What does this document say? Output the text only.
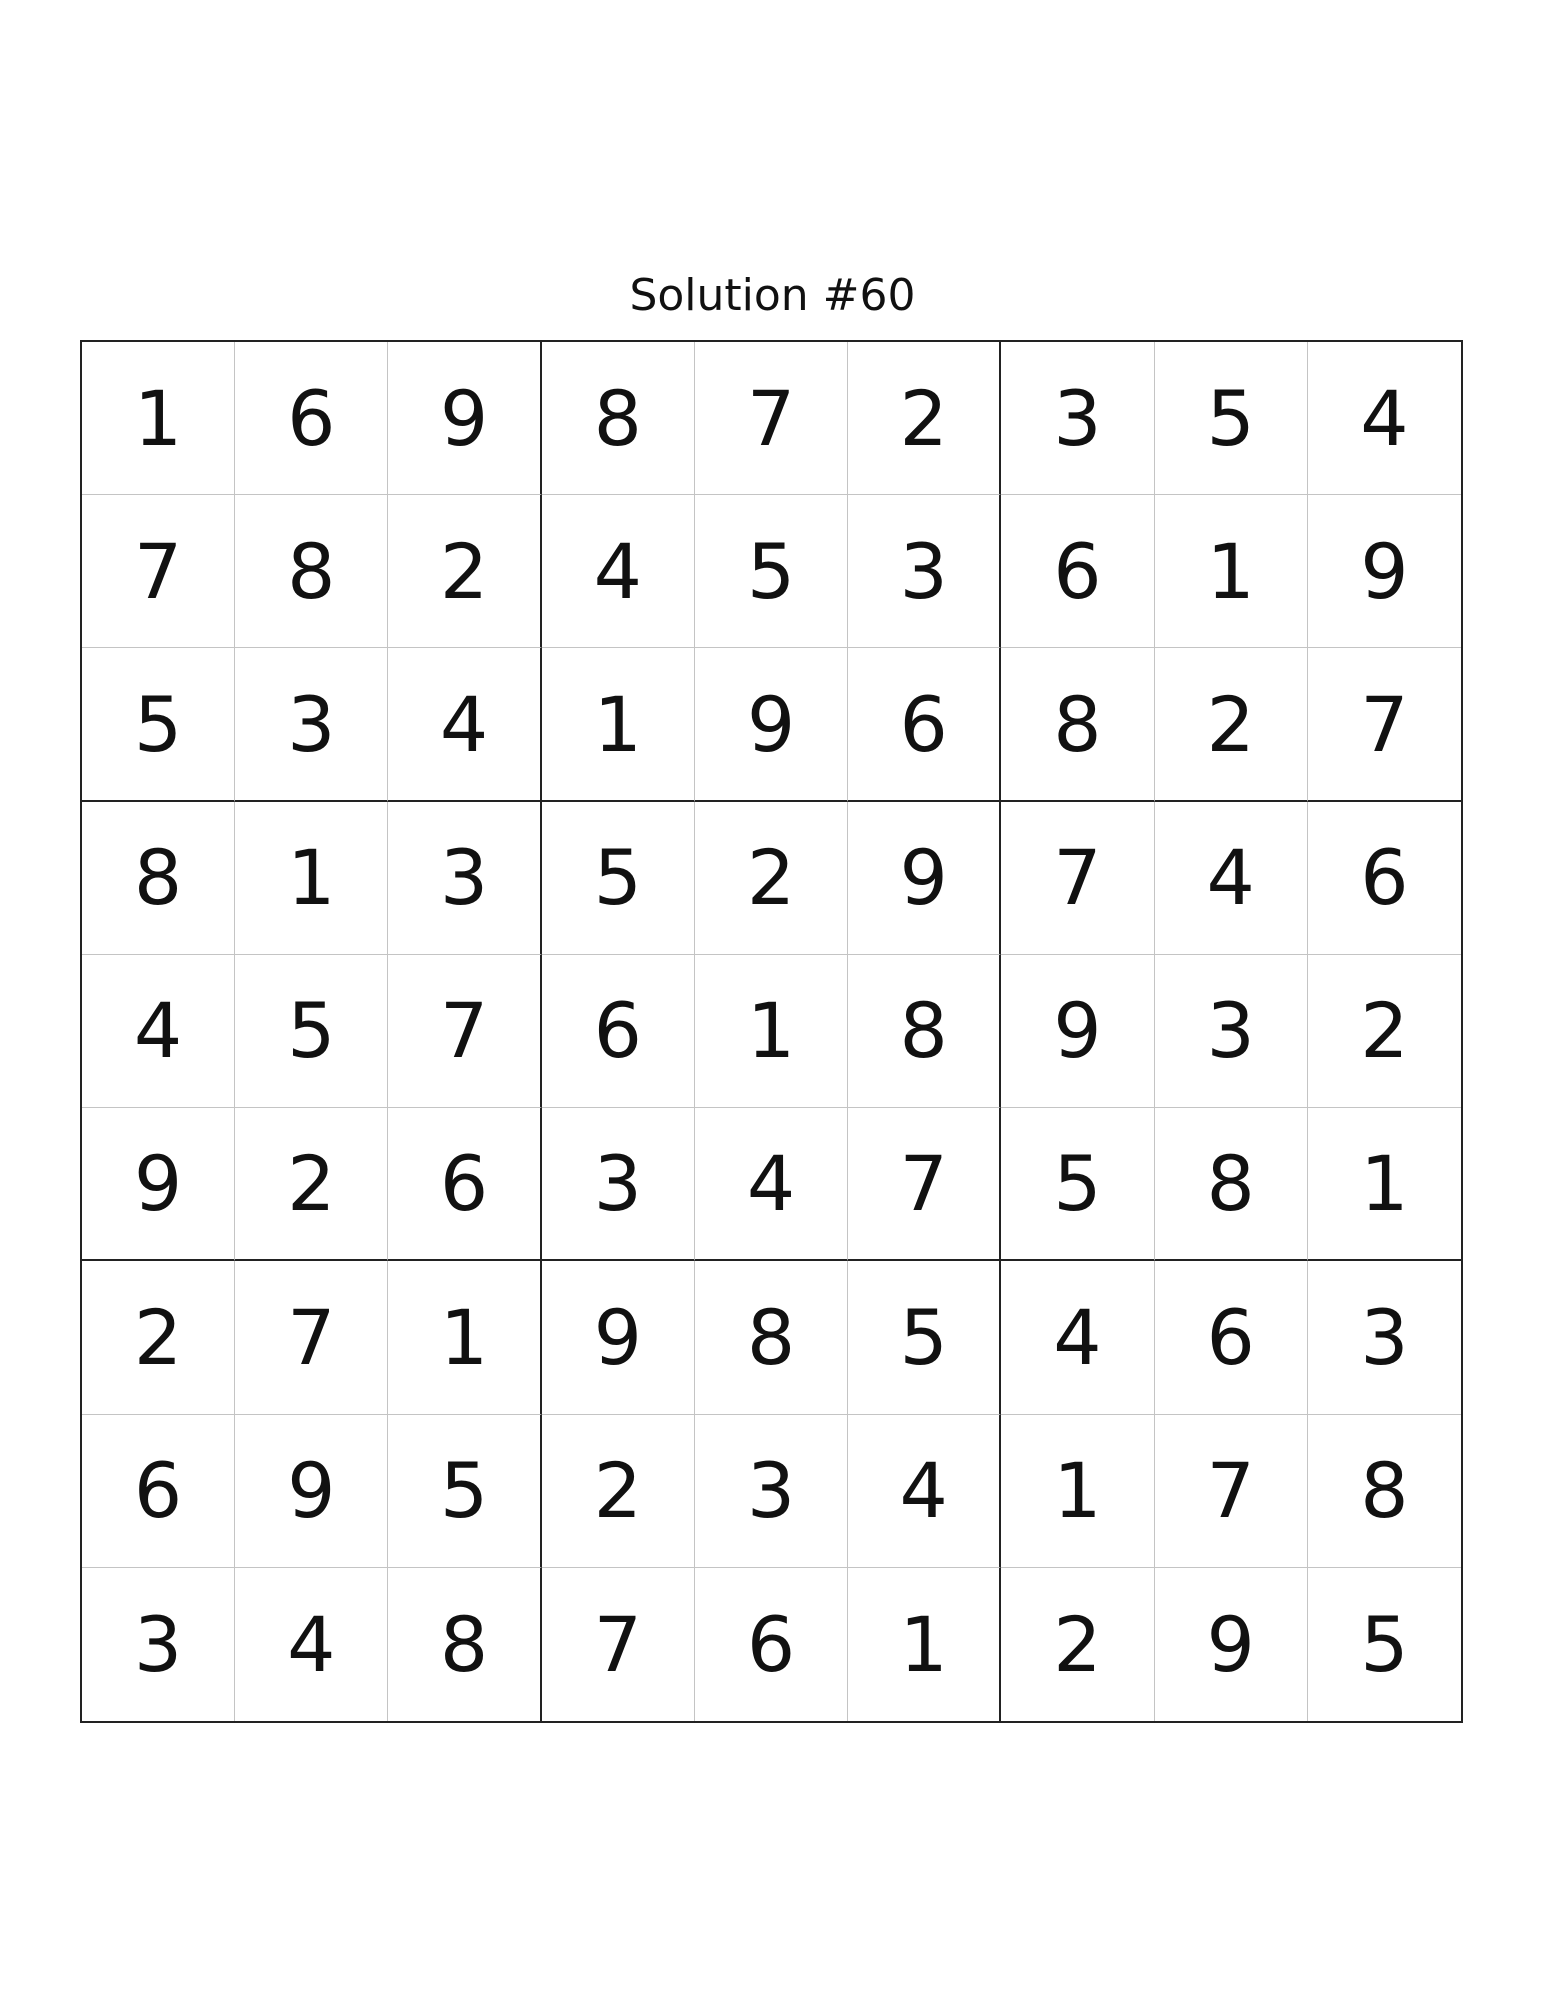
Solution #60
1	6	9	8	7	2	3	5	4
7	8	2	4	5	3	6	1	9
5	3	4	1	9	6	8	2	7
8	1	3	5	2	9	7	4	6
4	5	7	6	1	8	9	3	2
9	2	6	3	4	7	5	8	1
2	7	1	9	8	5	4	6	3
6	9	5	2	3	4	1	7	8
3	4	8	7	6	1	2	9	5
